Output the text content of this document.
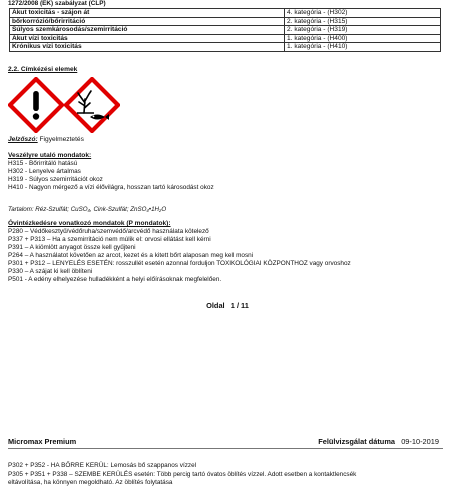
1272/2008 (EK) szabályzat (CLP)
Akut toxicitás - szájon át	4. kategória - (H302)
bőrkorrózió/bőrirritáció	2. kategória - (H315)
Súlyos szemkárosodás/szemirritáció	2. kategória - (H319)
Akut vízi toxicitás	1. kategória - (H400)
Krónikus vízi toxicitás	1. kategória - (H410)
2.2. Címkézési elemek
Jelzőszó: Figyelmeztetés
Veszélyre utaló mondatok:
H315 - Bőrirritáló hatású
H302 - Lenyelve ártalmas
H319 - Súlyos szemirritációt okoz
H410 - Nagyon mérgező a vízi élővilágra, hosszan tartó károsodást okoz
Tartalom: Réz-Szulfát; CuSO₄, Cink-Szulfát; ZnSO₄•1H₂O
Óvintézkedésre vonatkozó mondatok (P mondatok):
P280 – Védőkesztyű/védőruha/szemvédő/arcvédő használata kötelező
P337 + P313 – Ha a szemirritáció nem múlik el: orvosi ellátást kell kérni
P391 – A kiömlött anyagot össze kell gyűjteni
P264 – A használatot követően az arcot, kezet és a kitett bőrt alaposan meg kell mosni
P301 + P312 – LENYELÉS ESETÉN: rosszullét esetén azonnal forduljon TOXIKOLÓGIAI KÖZPONTHOZ vagy orvoshoz
P330 – A szájat ki kell öblíteni
P501 - A edény elhelyezése hulladékként a helyi előírásoknak megfelelően.
Oldal 1 / 11
Micromax Premium	Felülvizsgálat dátuma 09-10-2019
P302 + P352 - HA BŐRRE KERÜL: Lemosás bő szappanos vízzel
P305 + P351 + P338 – SZEMBE KERÜLÉS esetén: Több percig tartó óvatos öblítés vízzel. Adott esetben a kontaktlencsék
eltávolítása, ha könnyen megoldható. Az öblítés folytatása
